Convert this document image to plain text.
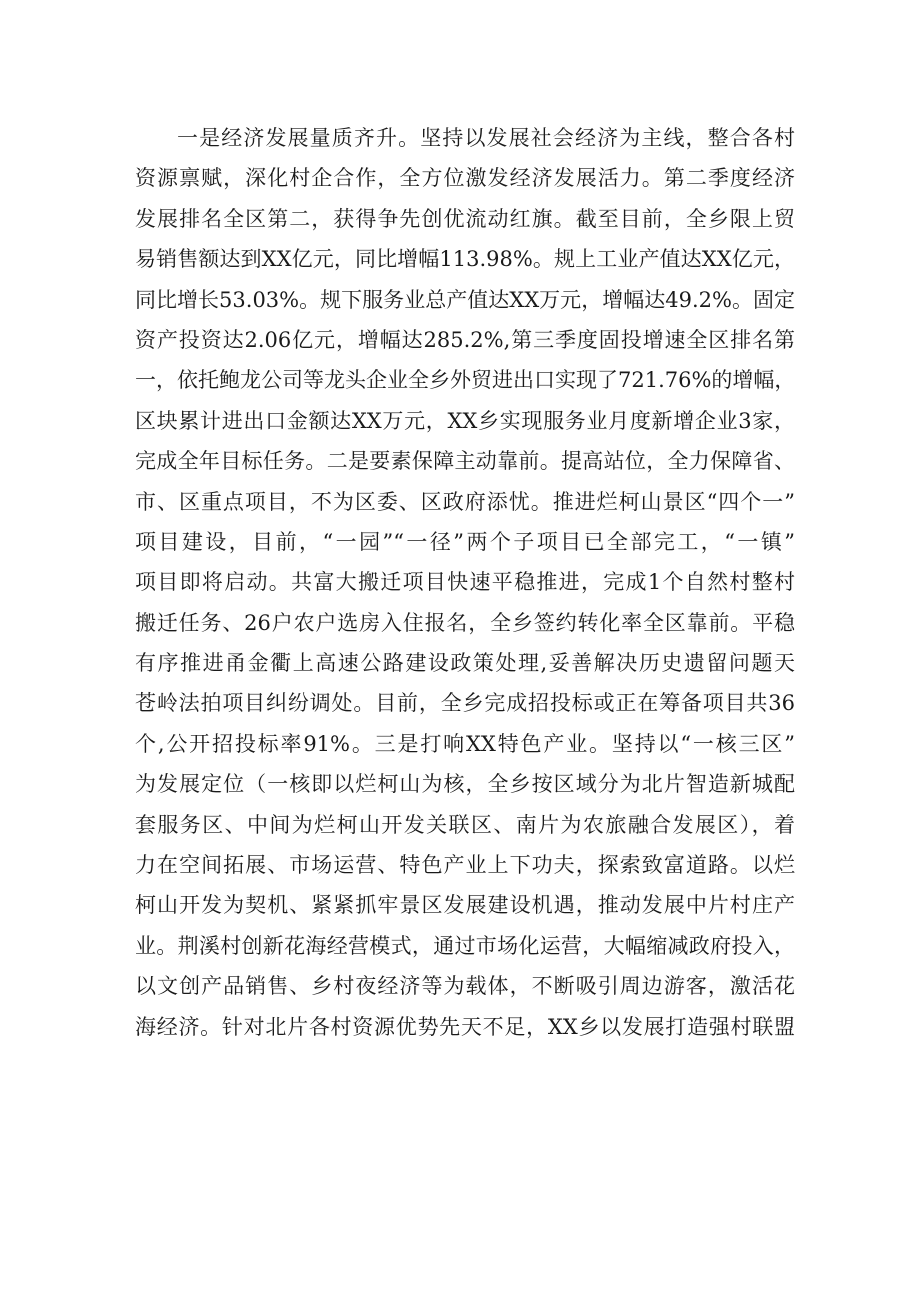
一是经济发展量质齐升。坚持以发展社会经济为主线，整合各村
资源禀赋，深化村企合作，全方位激发经济发展活力。第二季度经济
发展排名全区第二，获得争先创优流动红旗。截至目前，全乡限上贸
易销售额达到XX亿元，同比增幅113.98%。规上工业产值达XX亿元，
同比增长53.03%。规下服务业总产值达XX万元，增幅达49.2%。固定
资产投资达2.06亿元，增幅达285.2%,第三季度固投增速全区排名第
一，依托鲍龙公司等龙头企业全乡外贸进出口实现了721.76%的增幅，
区块累计进出口金额达XX万元，XX乡实现服务业月度新增企业3家，
完成全年目标任务。二是要素保障主动靠前。提高站位，全力保障省、
市、区重点项目，不为区委、区政府添忧。推进烂柯山景区“四个一”
项目建设，目前，“一园”“一径”两个子项目已全部完工，“一镇”
项目即将启动。共富大搬迁项目快速平稳推进，完成1个自然村整村
搬迁任务、26户农户选房入住报名，全乡签约转化率全区靠前。平稳
有序推进甬金衢上高速公路建设政策处理,妥善解决历史遗留问题天
苍岭法拍项目纠纷调处。目前，全乡完成招投标或正在筹备项目共36
个,公开招投标率91%。三是打响XX特色产业。坚持以“一核三区”
为发展定位（一核即以烂柯山为核，全乡按区域分为北片智造新城配
套服务区、中间为烂柯山开发关联区、南片为农旅融合发展区），着
力在空间拓展、市场运营、特色产业上下功夫，探索致富道路。以烂
柯山开发为契机、紧紧抓牢景区发展建设机遇，推动发展中片村庄产
业。荆溪村创新花海经营模式，通过市场化运营，大幅缩减政府投入，
以文创产品销售、乡村夜经济等为载体，不断吸引周边游客，激活花
海经济。针对北片各村资源优势先天不足，XX乡以发展打造强村联盟
